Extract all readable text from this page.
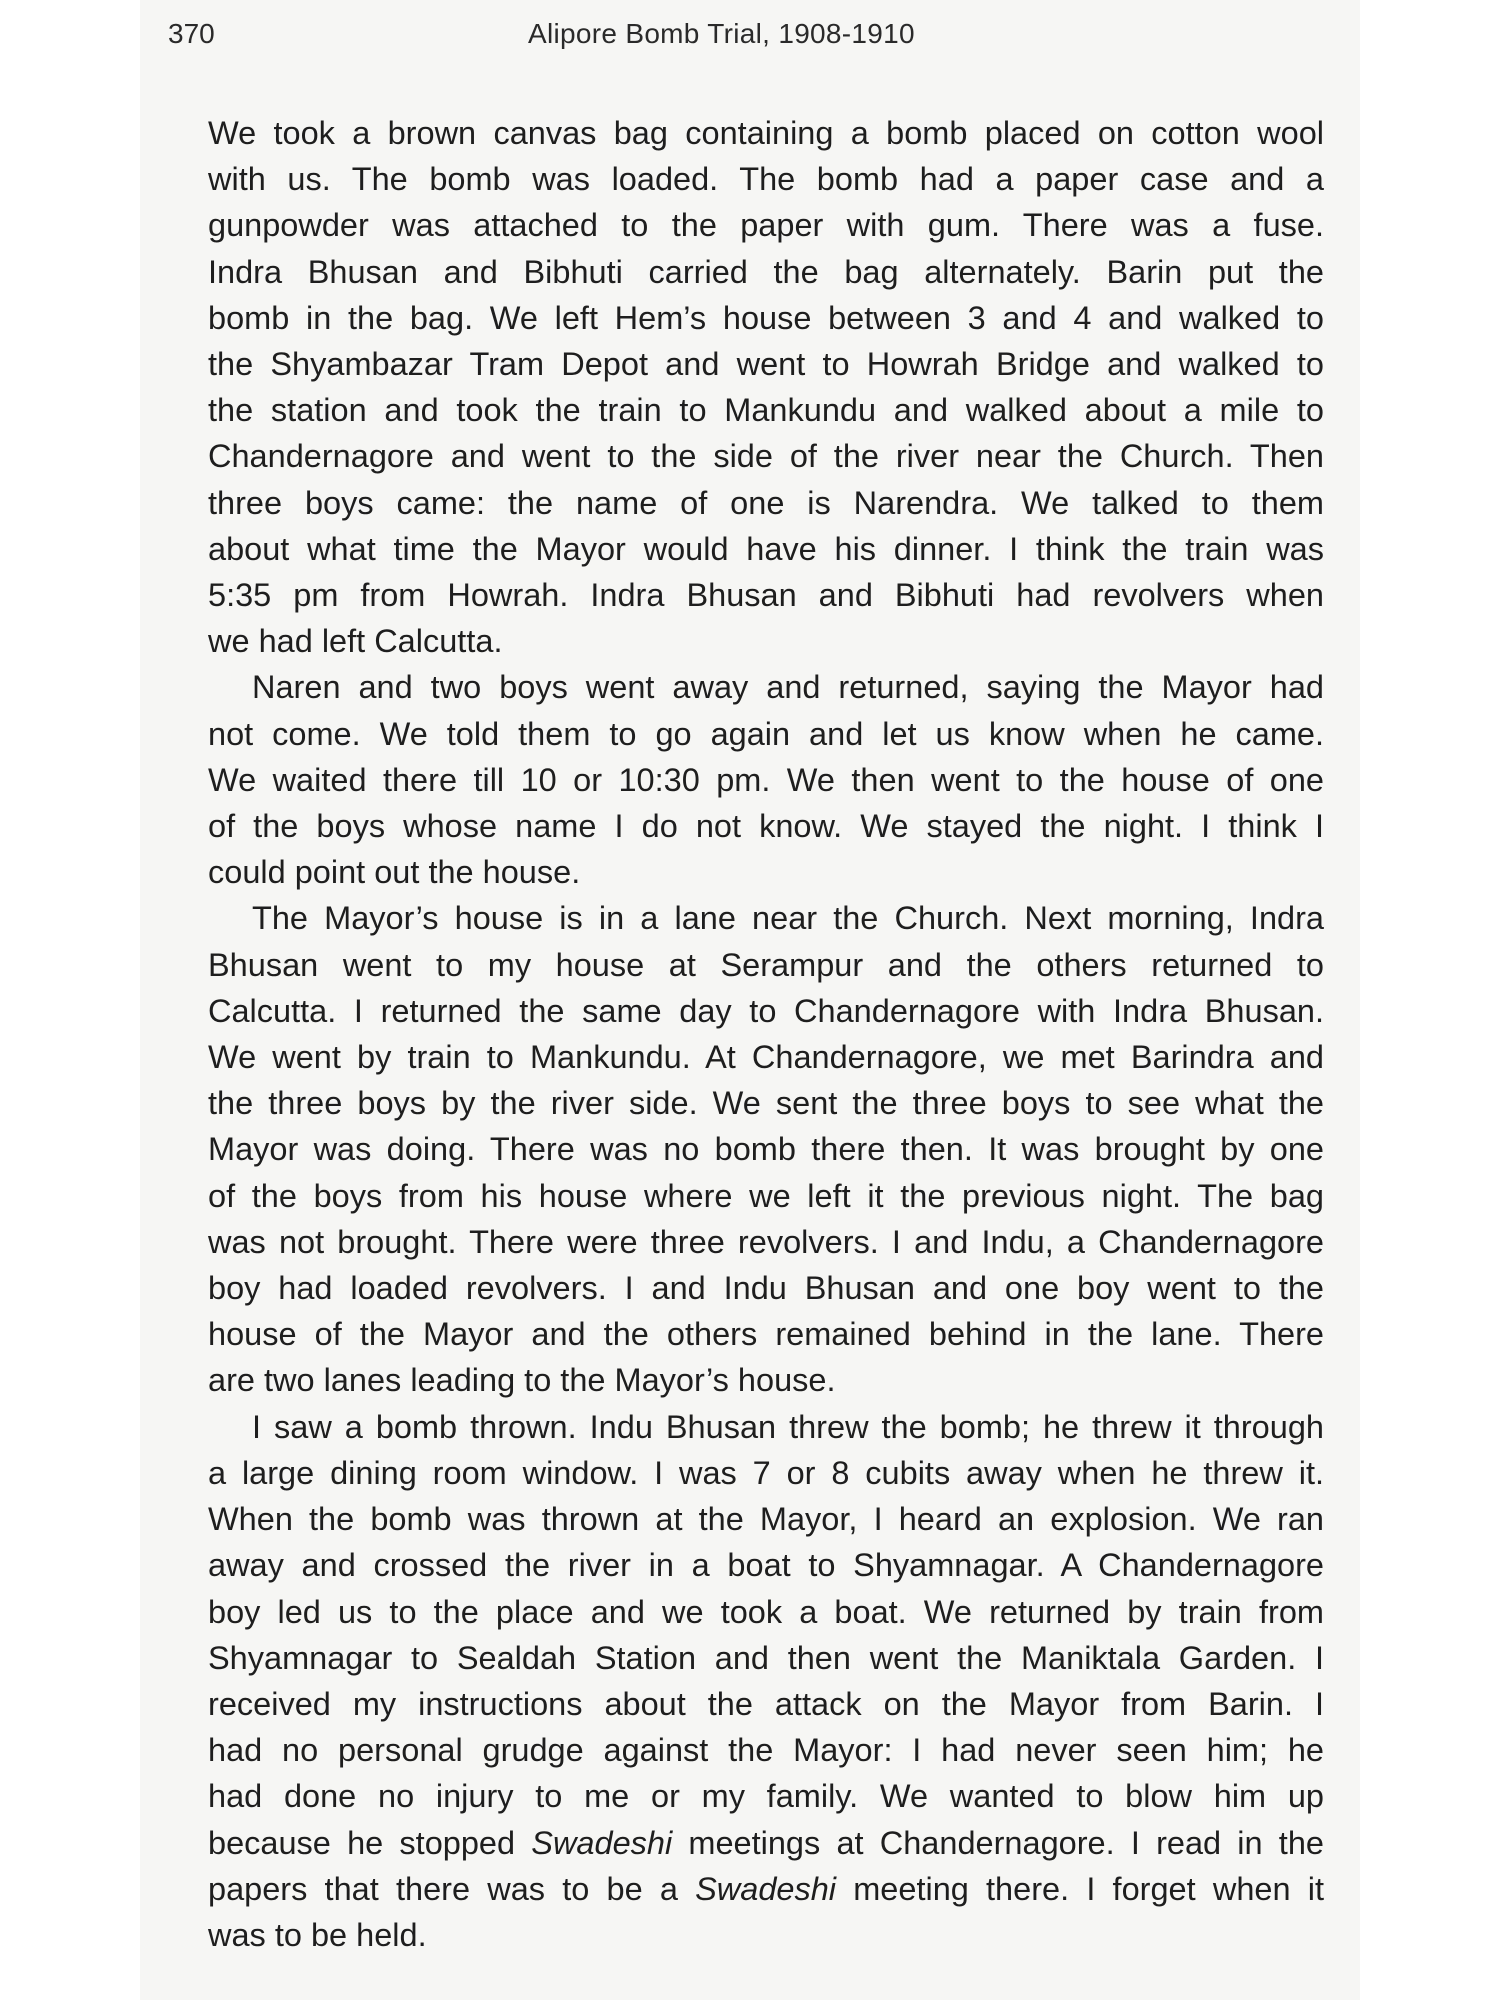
370	Alipore Bomb Trial, 1908-1910

We took a brown canvas bag containing a bomb placed on cotton wool
with us. The bomb was loaded. The bomb had a paper case and a
gunpowder was attached to the paper with gum. There was a fuse.
Indra Bhusan and Bibhuti carried the bag alternately. Barin put the
bomb in the bag. We left Hem’s house between 3 and 4 and walked to
the Shyambazar Tram Depot and went to Howrah Bridge and walked to
the station and took the train to Mankundu and walked about a mile to
Chandernagore and went to the side of the river near the Church. Then
three boys came: the name of one is Narendra. We talked to them
about what time the Mayor would have his dinner. I think the train was
5:35 pm from Howrah. Indra Bhusan and Bibhuti had revolvers when
we had left Calcutta.

Naren and two boys went away and returned, saying the Mayor had
not come. We told them to go again and let us know when he came.
We waited there till 10 or 10:30 pm. We then went to the house of one
of the boys whose name I do not know. We stayed the night. I think I
could point out the house.

The Mayor’s house is in a lane near the Church. Next morning, Indra
Bhusan went to my house at Serampur and the others returned to
Calcutta. I returned the same day to Chandernagore with Indra Bhusan.
We went by train to Mankundu. At Chandernagore, we met Barindra and
the three boys by the river side. We sent the three boys to see what the
Mayor was doing. There was no bomb there then. It was brought by one
of the boys from his house where we left it the previous night. The bag
was not brought. There were three revolvers. I and Indu, a Chandernagore
boy had loaded revolvers. I and Indu Bhusan and one boy went to the
house of the Mayor and the others remained behind in the lane. There
are two lanes leading to the Mayor’s house.

I saw a bomb thrown. Indu Bhusan threw the bomb; he threw it through
a large dining room window. I was 7 or 8 cubits away when he threw it.
When the bomb was thrown at the Mayor, I heard an explosion. We ran
away and crossed the river in a boat to Shyamnagar. A Chandernagore
boy led us to the place and we took a boat. We returned by train from
Shyamnagar to Sealdah Station and then went the Maniktala Garden. I
received my instructions about the attack on the Mayor from Barin. I
had no personal grudge against the Mayor: I had never seen him; he
had done no injury to me or my family. We wanted to blow him up
because he stopped Swadeshi meetings at Chandernagore. I read in the
papers that there was to be a Swadeshi meeting there. I forget when it
was to be held.
